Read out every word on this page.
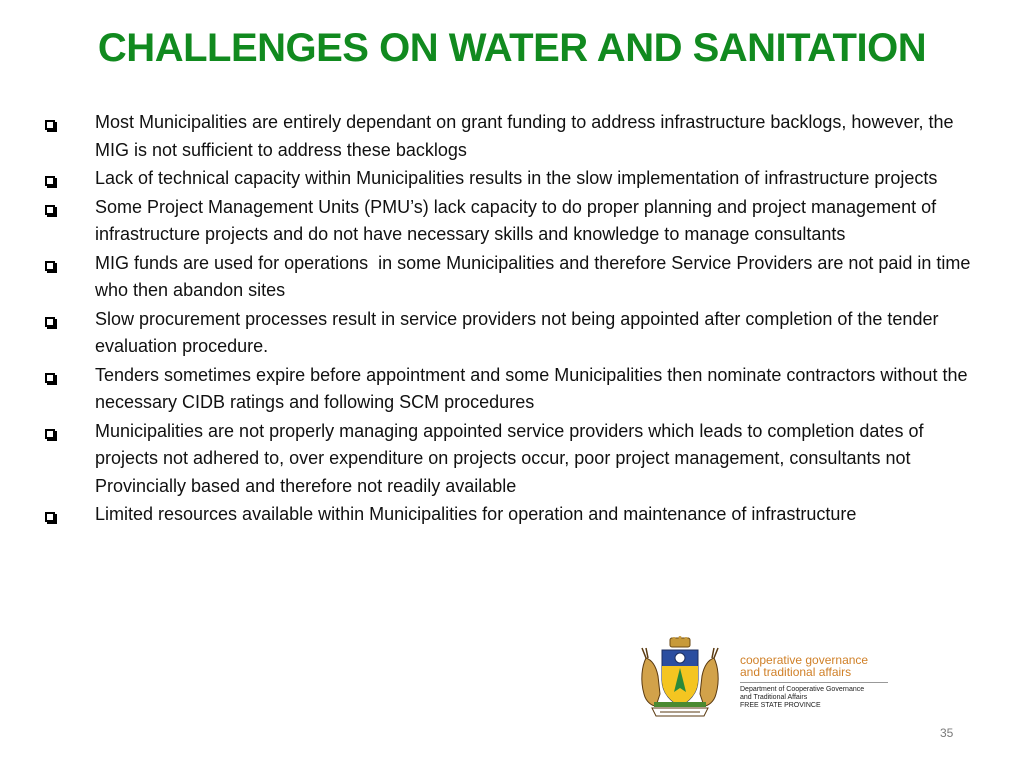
CHALLENGES ON WATER AND SANITATION
Most Municipalities are entirely dependant on grant funding to address infrastructure backlogs, however, the MIG is not sufficient to address these backlogs
Lack of technical capacity within Municipalities results in the slow implementation of infrastructure projects
Some Project Management Units (PMU’s) lack capacity to do proper planning and project management of infrastructure projects and do not have necessary skills and knowledge to manage consultants
MIG funds are used for operations  in some Municipalities and therefore Service Providers are not paid in time who then abandon sites
Slow procurement processes result in service providers not being appointed after completion of the tender evaluation procedure.
Tenders sometimes expire before appointment and some Municipalities then nominate contractors without the necessary CIDB ratings and following SCM procedures
Municipalities are not properly managing appointed service providers which leads to completion dates of projects not adhered to, over expenditure on projects occur, poor project management, consultants not Provincially based and therefore not readily available
Limited resources available within Municipalities for operation and maintenance of infrastructure
cooperative governance
and traditional affairs
Department of Cooperative Governance
and Traditional Affairs
FREE STATE PROVINCE
35
